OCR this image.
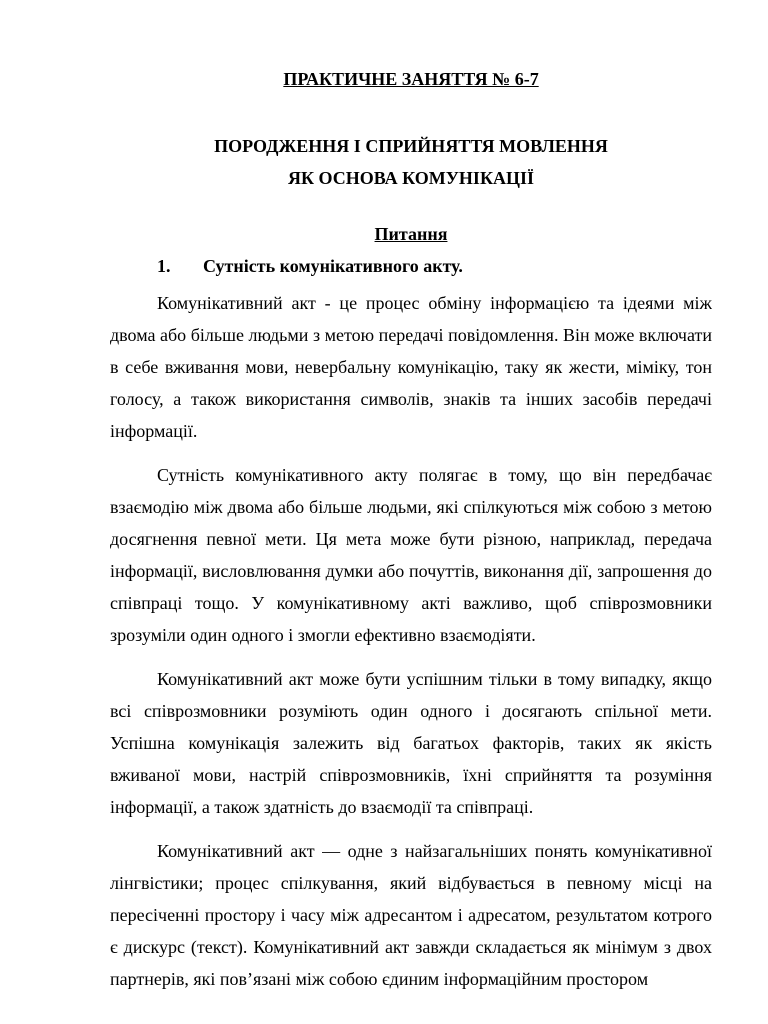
ПРАКТИЧНЕ ЗАНЯТТЯ № 6-7
ПОРОДЖЕННЯ І СПРИЙНЯТТЯ МОВЛЕННЯ
ЯК ОСНОВА КОМУНІКАЦІЇ
Питання
1. Сутність комунікативного акту.

Комунікативний акт - це процес обміну інформацією та ідеями між двома або більше людьми з метою передачі повідомлення. Він може включати в себе вживання мови, невербальну комунікацію, таку як жести, міміку, тон голосу, а також використання символів, знаків та інших засобів передачі інформації.

Сутність комунікативного акту полягає в тому, що він передбачає взаємодію між двома або більше людьми, які спілкуються між собою з метою досягнення певної мети. Ця мета може бути різною, наприклад, передача інформації, висловлювання думки або почуттів, виконання дії, запрошення до співпраці тощо. У комунікативному акті важливо, щоб співрозмовники зрозуміли один одного і змогли ефективно взаємодіяти.

Комунікативний акт може бути успішним тільки в тому випадку, якщо всі співрозмовники розуміють один одного і досягають спільної мети. Успішна комунікація залежить від багатьох факторів, таких як якість вживаної мови, настрій співрозмовників, їхні сприйняття та розуміння інформації, а також здатність до взаємодії та співпраці.

Комунікативний акт — одне з найзагальніших понять комунікативної лінгвістики; процес спілкування, який відбувається в певному місці на пересіченні простору і часу між адресантом і адресатом, результатом котрого є дискурс (текст). Комунікативний акт завжди складається як мінімум з двох партнерів, які пов’язані між собою єдиним інформаційним простором
